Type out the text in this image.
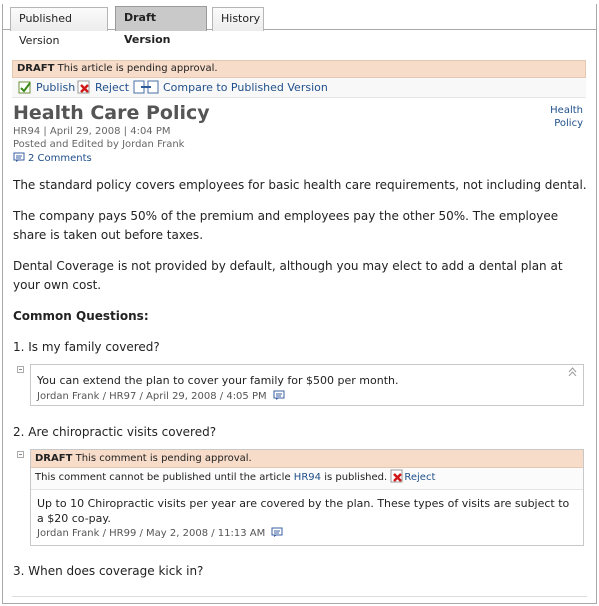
Published Version
Draft Version
History
DRAFT This article is pending approval.
Publish	Reject	Compare to Published Version
Health Care Policy
HR94 | April 29, 2008 | 4:04 PM
Posted and Edited by Jordan Frank
2 Comments
Health
Policy

The standard policy covers employees for basic health care requirements, not including dental.

The company pays 50% of the premium and employees pay the other 50%. The employee share is taken out before taxes.

Dental Coverage is not provided by default, although you may elect to add a dental plan at your own cost.

Common Questions:
1. Is my family covered?
You can extend the plan to cover your family for $500 per month.
Jordan Frank / HR97 / April 29, 2008 / 4:05 PM
2. Are chiropractic visits covered?
DRAFT This comment is pending approval.
This comment cannot be published until the article HR94 is published. Reject
Up to 10 Chiropractic visits per year are covered by the plan. These types of visits are subject to a $20 co-pay.
Jordan Frank / HR99 / May 2, 2008 / 11:13 AM
3. When does coverage kick in?
